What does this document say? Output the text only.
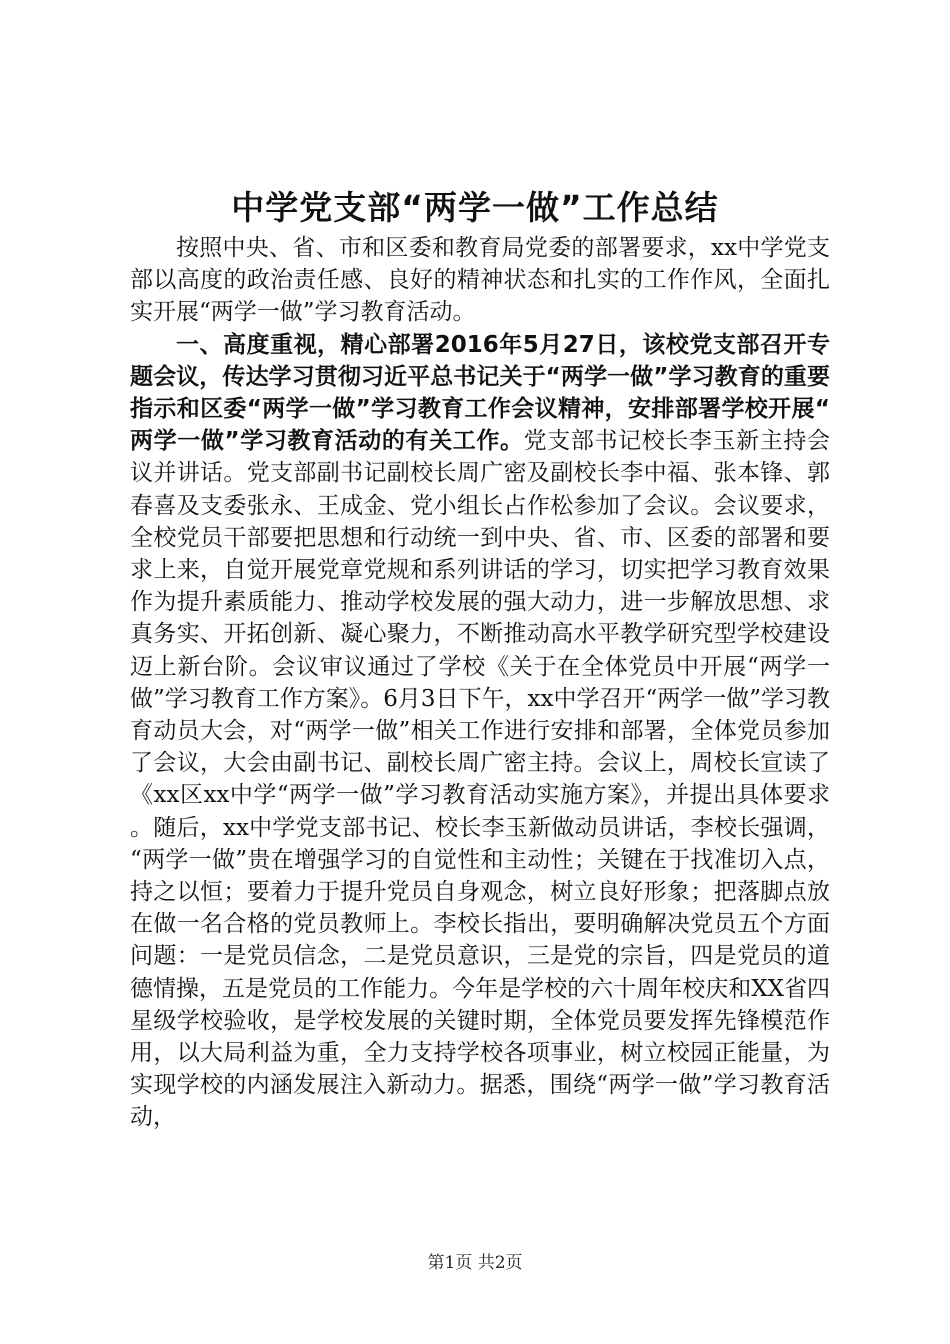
中学党支部“两学一做”工作总结

按照中央、省、市和区委和教育局党委的部署要求，xx中学党支部以高度的政治责任感、良好的精神状态和扎实的工作作风，全面扎实开展“两学一做”学习教育活动。

一、高度重视，精心部署2016年5月27日，该校党支部召开专题会议，传达学习贯彻习近平总书记关于“两学一做”学习教育的重要指示和区委“两学一做”学习教育工作会议精神，安排部署学校开展“两学一做”学习教育活动的有关工作。党支部书记校长李玉新主持会议并讲话。党支部副书记副校长周广密及副校长李中福、张本锋、郭春喜及支委张永、王成金、党小组长占作松参加了会议。会议要求，全校党员干部要把思想和行动统一到中央、省、市、区委的部署和要求上来，自觉开展党章党规和系列讲话的学习，切实把学习教育效果作为提升素质能力、推动学校发展的强大动力，进一步解放思想、求真务实、开拓创新、凝心聚力，不断推动高水平教学研究型学校建设迈上新台阶。会议审议通过了学校《关于在全体党员中开展“两学一做”学习教育工作方案》。6月3日下午，xx中学召开“两学一做”学习教育动员大会，对“两学一做”相关工作进行安排和部署，全体党员参加了会议，大会由副书记、副校长周广密主持。会议上，周校长宣读了《xx区xx中学“两学一做”学习教育活动实施方案》，并提出具体要求。随后，xx中学党支部书记、校长李玉新做动员讲话，李校长强调，“两学一做”贵在增强学习的自觉性和主动性；关键在于找准切入点，持之以恒；要着力于提升党员自身观念，树立良好形象；把落脚点放在做一名合格的党员教师上。李校长指出，要明确解决党员五个方面问题：一是党员信念，二是党员意识，三是党的宗旨，四是党员的道德情操，五是党员的工作能力。今年是学校的六十周年校庆和XX省四星级学校验收，是学校发展的关键时期，全体党员要发挥先锋模范作用，以大局利益为重，全力支持学校各项事业，树立校园正能量，为实现学校的内涵发展注入新动力。据悉，围绕“两学一做”学习教育活动，

第1页 共2页
